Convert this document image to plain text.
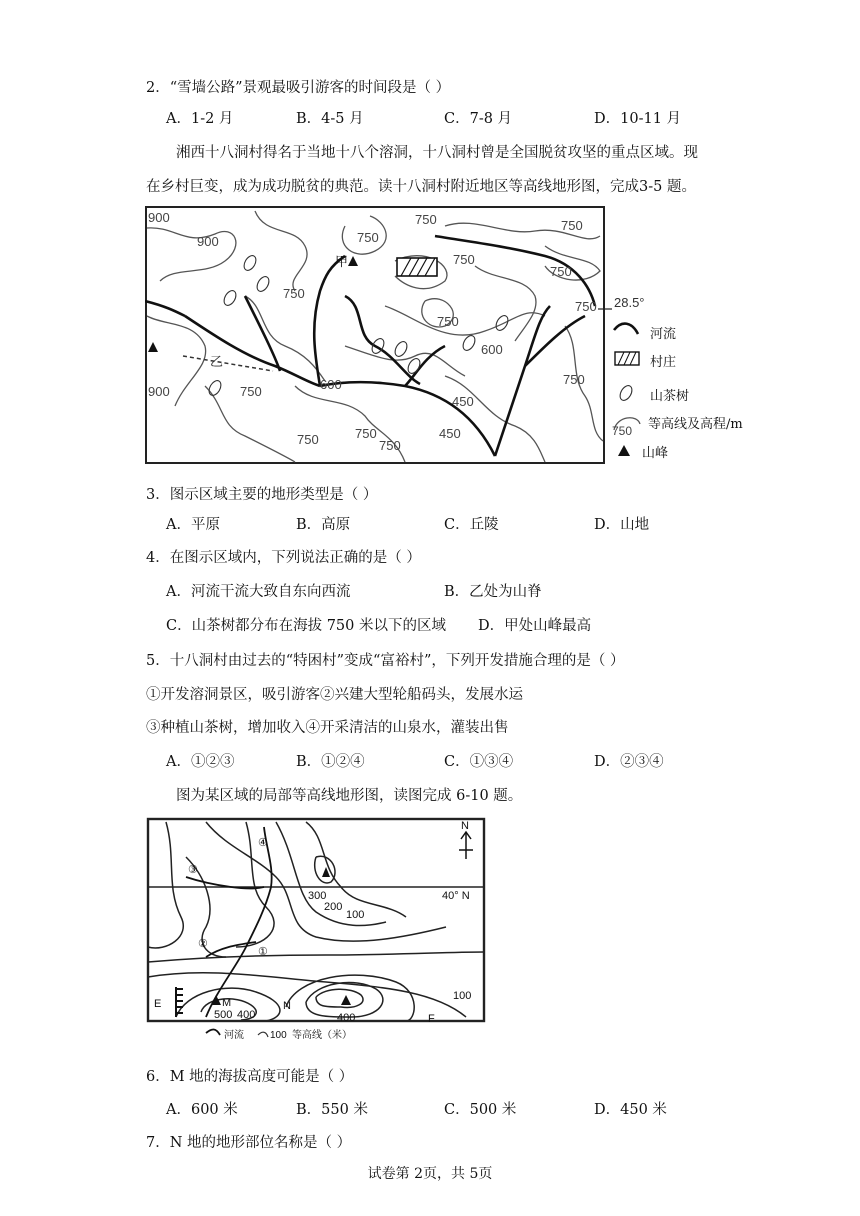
2．“雪墙公路”景观最吸引游客的时间段是（ ）
A．1-2 月	B．4-5 月	C．7-8 月	D．10-11 月
湘西十八洞村得名于当地十八个溶洞，十八洞村曾是全国脱贫攻坚的重点区域。现
在乡村巨变，成为成功脱贫的典范。读十八洞村附近地区等高线地形图，完成3-5 题。
900
900
750
750
750
750
750
750
750
600
600
750
450
450
750
750	750
750
900	750
甲
乙
28.5°
河流
村庄
山茶树
等高线及高程/m
750
山峰
3．图示区域主要的地形类型是（ ）
A．平原	B．高原	C．丘陵	D．山地
4．在图示区域内，下列说法正确的是（ ）
A．河流干流大致自东向西流	B．乙处为山脊
C．山茶树都分布在海拔 750 米以下的区域 D．甲处山峰最高
5．十八洞村由过去的“特困村”变成“富裕村”，下列开发措施合理的是（ ）
①开发溶洞景区，吸引游客②兴建大型轮船码头，发展水运
③种植山茶树，增加收入④开采清洁的山泉水，灌装出售
A．①②③	B．①②④	C．①③④	D．②③④
图为某区域的局部等高线地形图，读图完成 6-10 题。
N
40° N
300
200
100
500 400	400
100
M	N
E
F
①
②
③
④
河流	100 等高线（米）
6．M 地的海拔高度可能是（ ）
A．600 米	B．550 米	C．500 米	D．450 米
7．N 地的地形部位名称是（ ）
试卷第 2页，共 5页
